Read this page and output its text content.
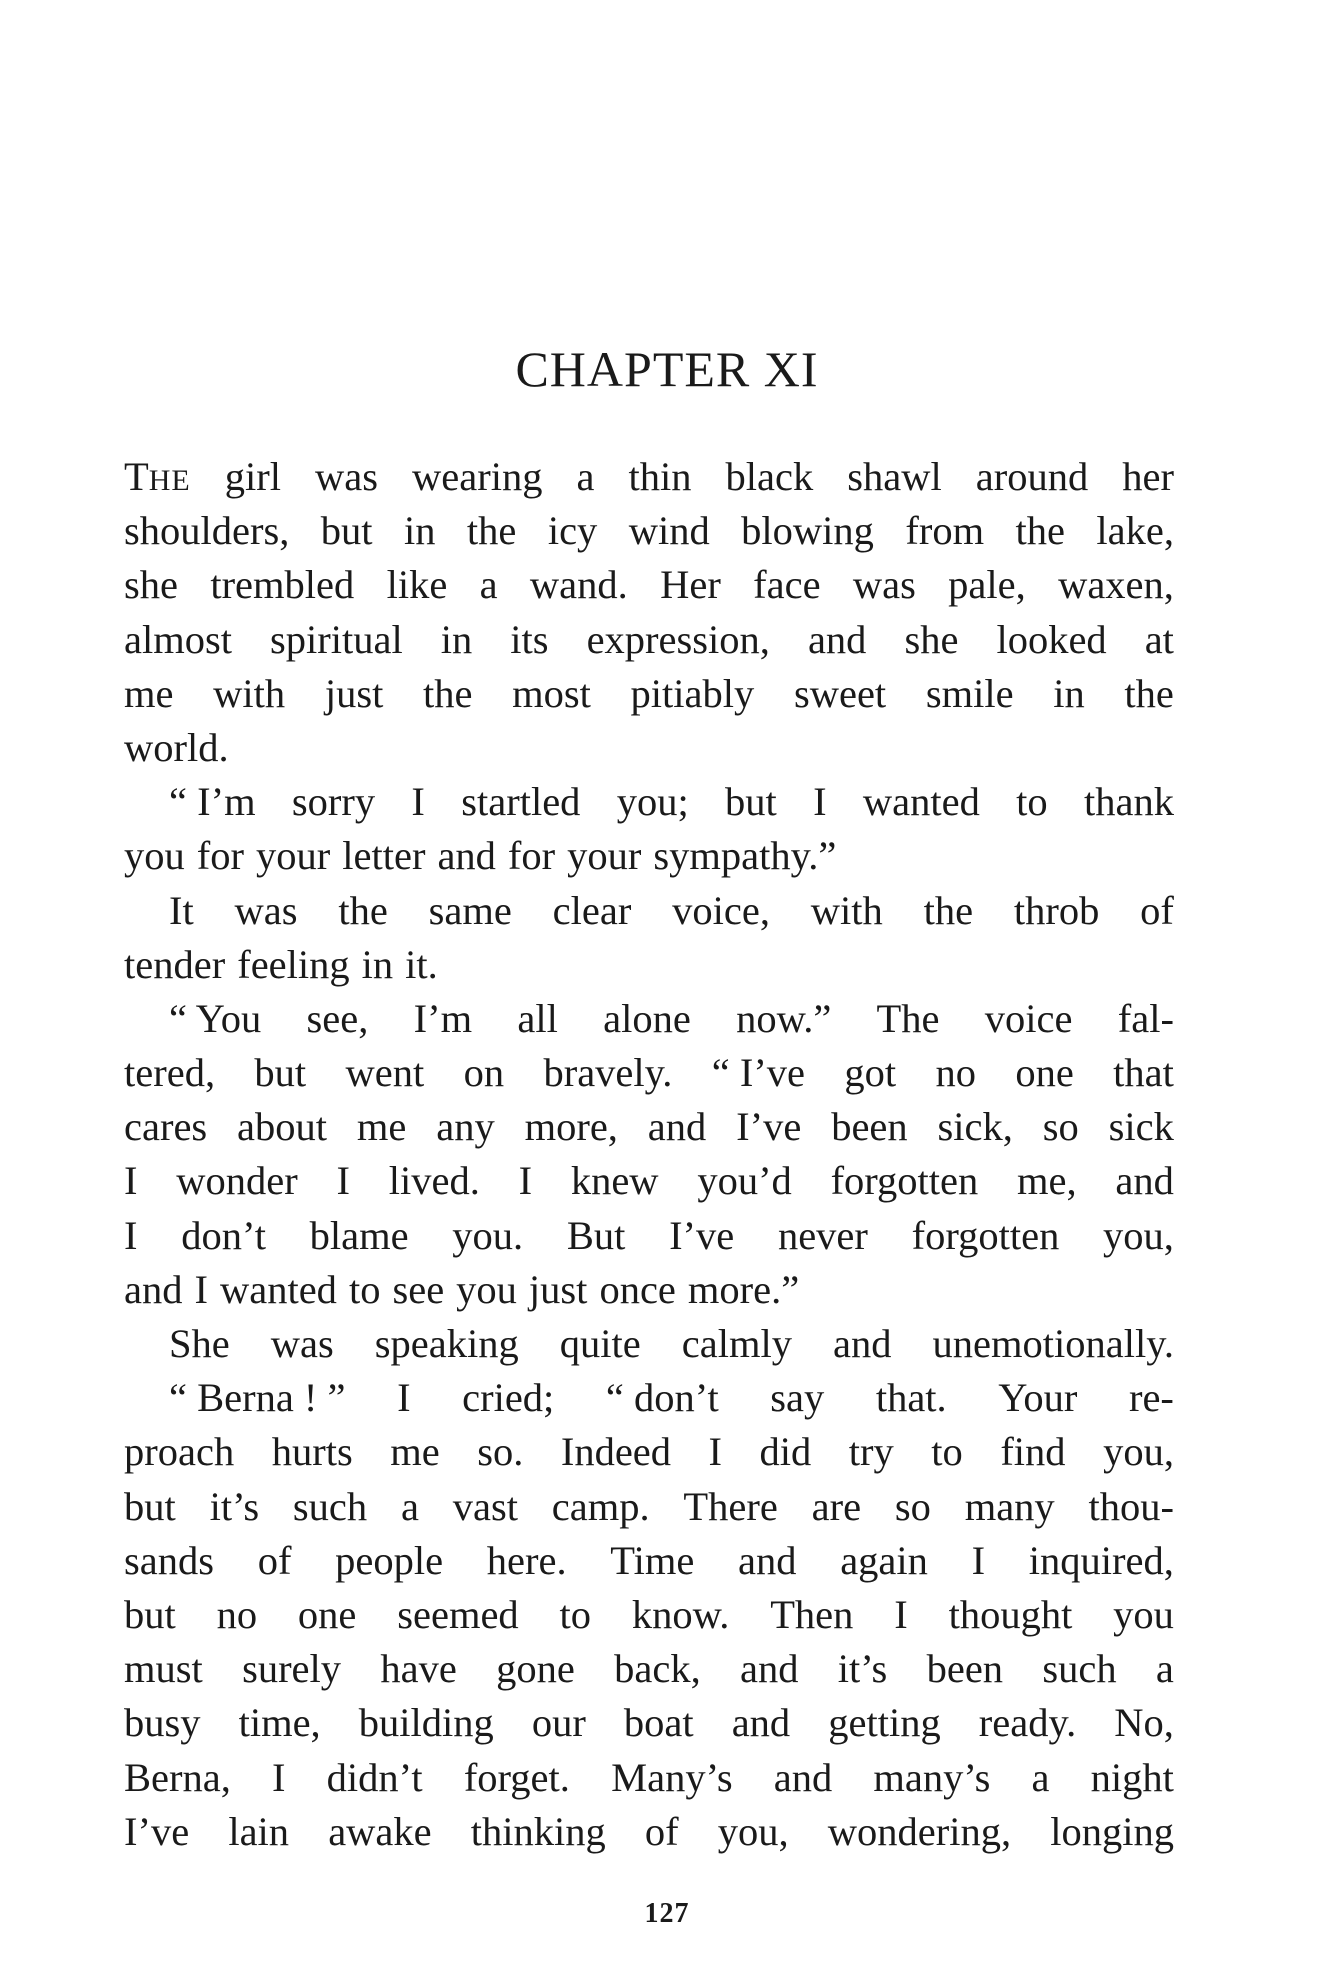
CHAPTER XI
THE girl was wearing a thin black shawl around her
shoulders, but in the icy wind blowing from the lake,
she trembled like a wand. Her face was pale, waxen,
almost spiritual in its expression, and she looked at
me with just the most pitiably sweet smile in the
world.
“ I’m sorry I startled you; but I wanted to thank
you for your letter and for your sympathy.”
It was the same clear voice, with the throb of
tender feeling in it.
“ You see, I’m all alone now.” The voice fal-
tered, but went on bravely. “ I’ve got no one that
cares about me any more, and I’ve been sick, so sick
I wonder I lived. I knew you’d forgotten me, and
I don’t blame you. But I’ve never forgotten you,
and I wanted to see you just once more.”
She was speaking quite calmly and unemotionally.
“ Berna ! ” I cried; “ don’t say that. Your re-
proach hurts me so. Indeed I did try to find you,
but it’s such a vast camp. There are so many thou-
sands of people here. Time and again I inquired,
but no one seemed to know. Then I thought you
must surely have gone back, and it’s been such a
busy time, building our boat and getting ready. No,
Berna, I didn’t forget. Many’s and many’s a night
I’ve lain awake thinking of you, wondering, longing
127
